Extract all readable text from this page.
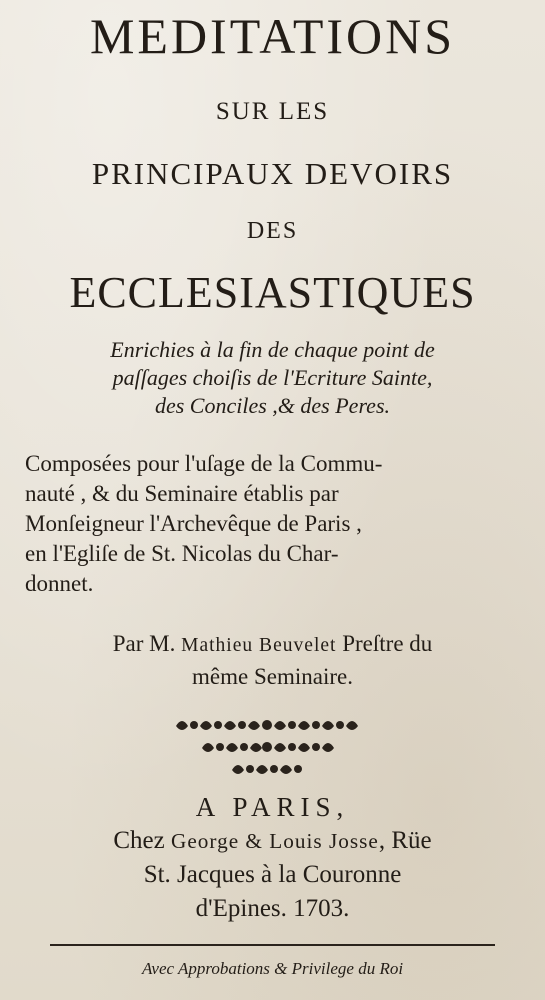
MEDITATIONS
SUR LES
PRINCIPAUX DEVOIRS
DES
ECCLESIASTIQUES
Enrichies à la fin de chaque point de
paſſages choiſis de l'Ecriture Sainte,
des Conciles ,& des Peres.
Composées pour l'uſage de la Commu-
nauté , & du Seminaire établis par
Monſeigneur l'Archevêque de Paris ,
en l'Egliſe de St. Nicolas du Char-
donnet.
Par M. Mathieu Beuvelet Preſtre du
même Seminaire.
A PARIS,
Chez George & Louis Josse, Rüe
St. Jacques à la Couronne
d'Epines. 1703.
Avec Approbations & Privilege du Roi
